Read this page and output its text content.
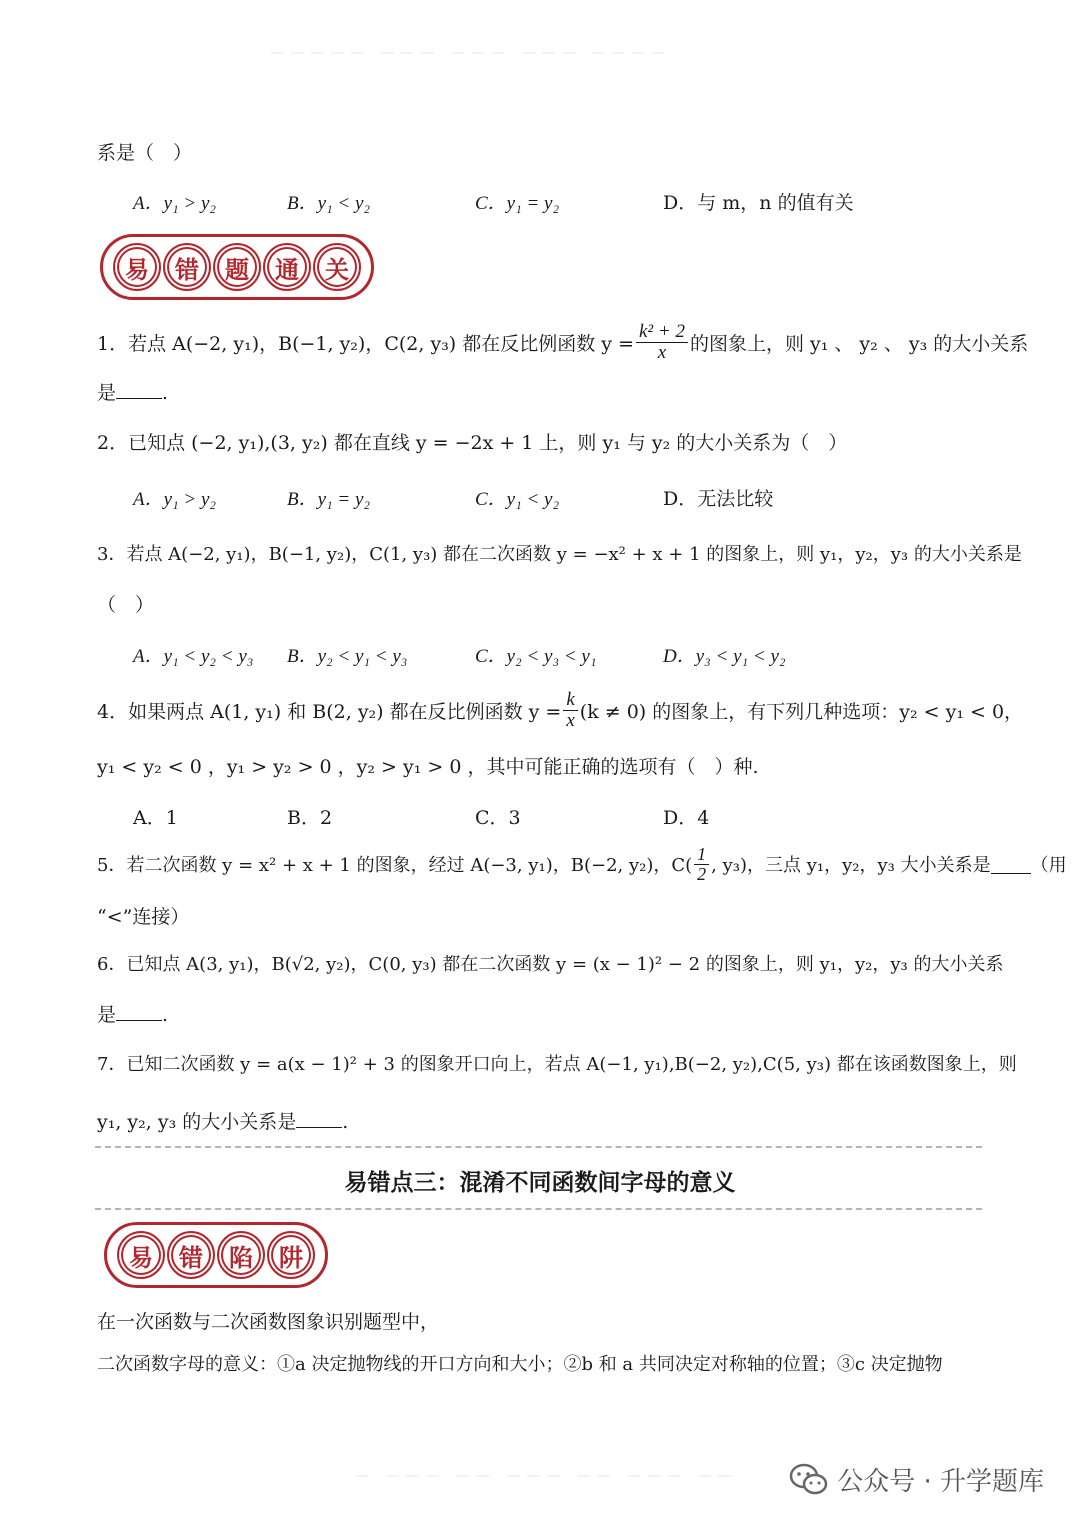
————— ——— ——— ——— ————
系是（　）
A．y₁ > y₂	B．y₁ < y₂	C．y₁ = y₂	D．与 m，n 的值有关
易	错	题	通	关
1．若点 A(−2, y₁)，B(−1, y₂)，C(2, y₃) 都在反比例函数 $y = \frac{\text{k² + 2}}{x}$ 的图象上，则 y₁ 、 y₂ 、 y₃ 的大小关系
是 .
2．已知点 (−2, y₁),(3, y₂) 都在直线 y = −2x + 1 上，则 y₁ 与 y₂ 的大小关系为（　）
A．y₁ > y₂	B．y₁ = y₂	C．y₁ < y₂	D．无法比较
3．若点 A(−2, y₁)，B(−1, y₂)，C(1, y₃) 都在二次函数 y = −x² + x + 1 的图象上，则 y₁，y₂，y₃ 的大小关系是
（　）
A．y₁ < y₂ < y₃ B．y₂ < y₁ < y₃	C．y₂ < y₃ < y₁	D．y₃ < y₁ < y₂
4．如果两点 A(1, y₁) 和 B(2, y₂) 都在反比例函数 $y = \frac{k}{x} (k \ne 0)$ 的图象上，有下列几种选项：y₂ < y₁ < 0，
y₁ < y₂ < 0 ，y₁ > y₂ > 0 ，y₂ > y₁ > 0 ，其中可能正确的选项有（　）种.
A．1	B．2	C．3	D．4
5．若二次函数 y = x² + x + 1 的图象，经过 A(−3, y₁)，B(−2, y₂)，$C( \frac{1}{2}$ , y₃)，三点 y₁，y₂，y₃ 大小关系是 （用
“<”连接）
6．已知点 A(3, y₁)，B(√2, y₂)，C(0, y₃) 都在二次函数 y = (x − 1)² − 2 的图象上，则 y₁，y₂，y₃ 的大小关系
是 .
7．已知二次函数 y = a(x − 1)² + 3 的图象开口向上，若点 A(−1, y₁),B(−2, y₂),C(5, y₃) 都在该函数图象上，则
y₁, y₂, y₃ 的大小关系是 .
易错点三：混淆不同函数间字母的意义
易	错	陷	阱
在一次函数与二次函数图象识别题型中，
二次函数字母的意义：①a 决定抛物线的开口方向和大小；②b 和 a 共同决定对称轴的位置；③c 决定抛物
— ——— —— ——— —— ——— ——	公众号 · 升学题库
